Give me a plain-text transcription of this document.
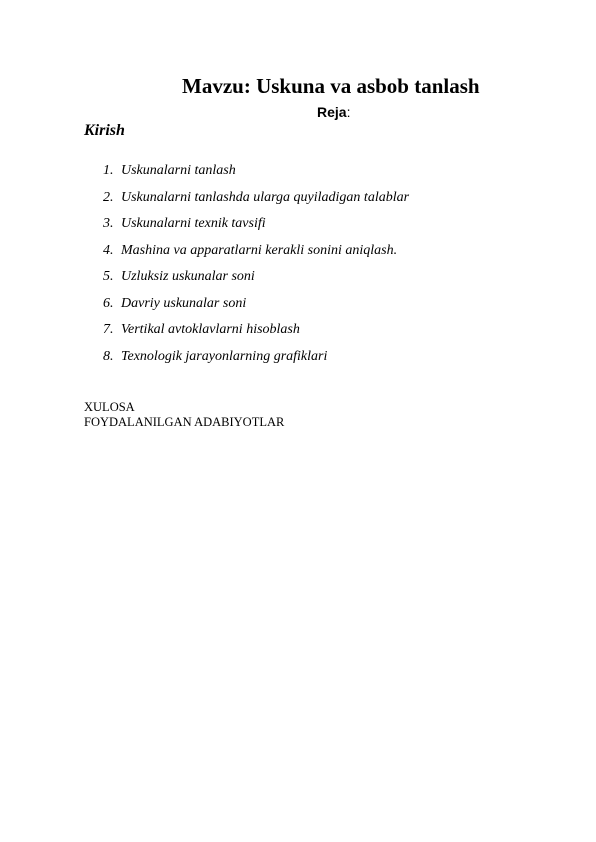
Mavzu: Uskuna va asbob tanlash
Reja:
Kirish
1. Uskunalarni tanlash
2. Uskunalarni tanlashda ularga quyiladigan talablar
3. Uskunalarni texnik tavsifi
4. Mashina va apparatlarni kerakli sonini aniqlash.
5. Uzluksiz uskunalar soni
6. Davriy uskunalar soni
7. Vertikal avtoklavlarni hisoblash
8. Texnologik jarayonlarning grafiklari
XULOSA
FOYDALANILGAN ADABIYOTLAR
